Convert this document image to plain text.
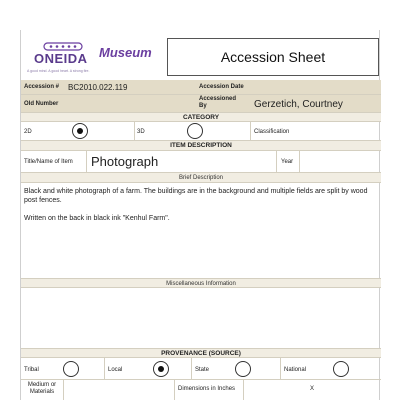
ONEIDA
A good mind. A good heart. A strong fire.
Museum	Accession Sheet
Accession # BC2010.022.119	Accession Date
Old Number
Accessioned By	Gerzetich, Courtney
CATEGORY
2D	3D	Classification
ITEM DESCRIPTION
Title/Name of Item Photograph	Year
Brief Description

Black and white photograph of a farm. The buildings are in the background and multiple fields are split by wood post fences.

Written on the back in black ink "Kenhul Farm".

Miscellaneous Information
PROVENANCE (SOURCE)
Tribal	Local	State	National
Medium or Materials	Dimensions in Inches	X
